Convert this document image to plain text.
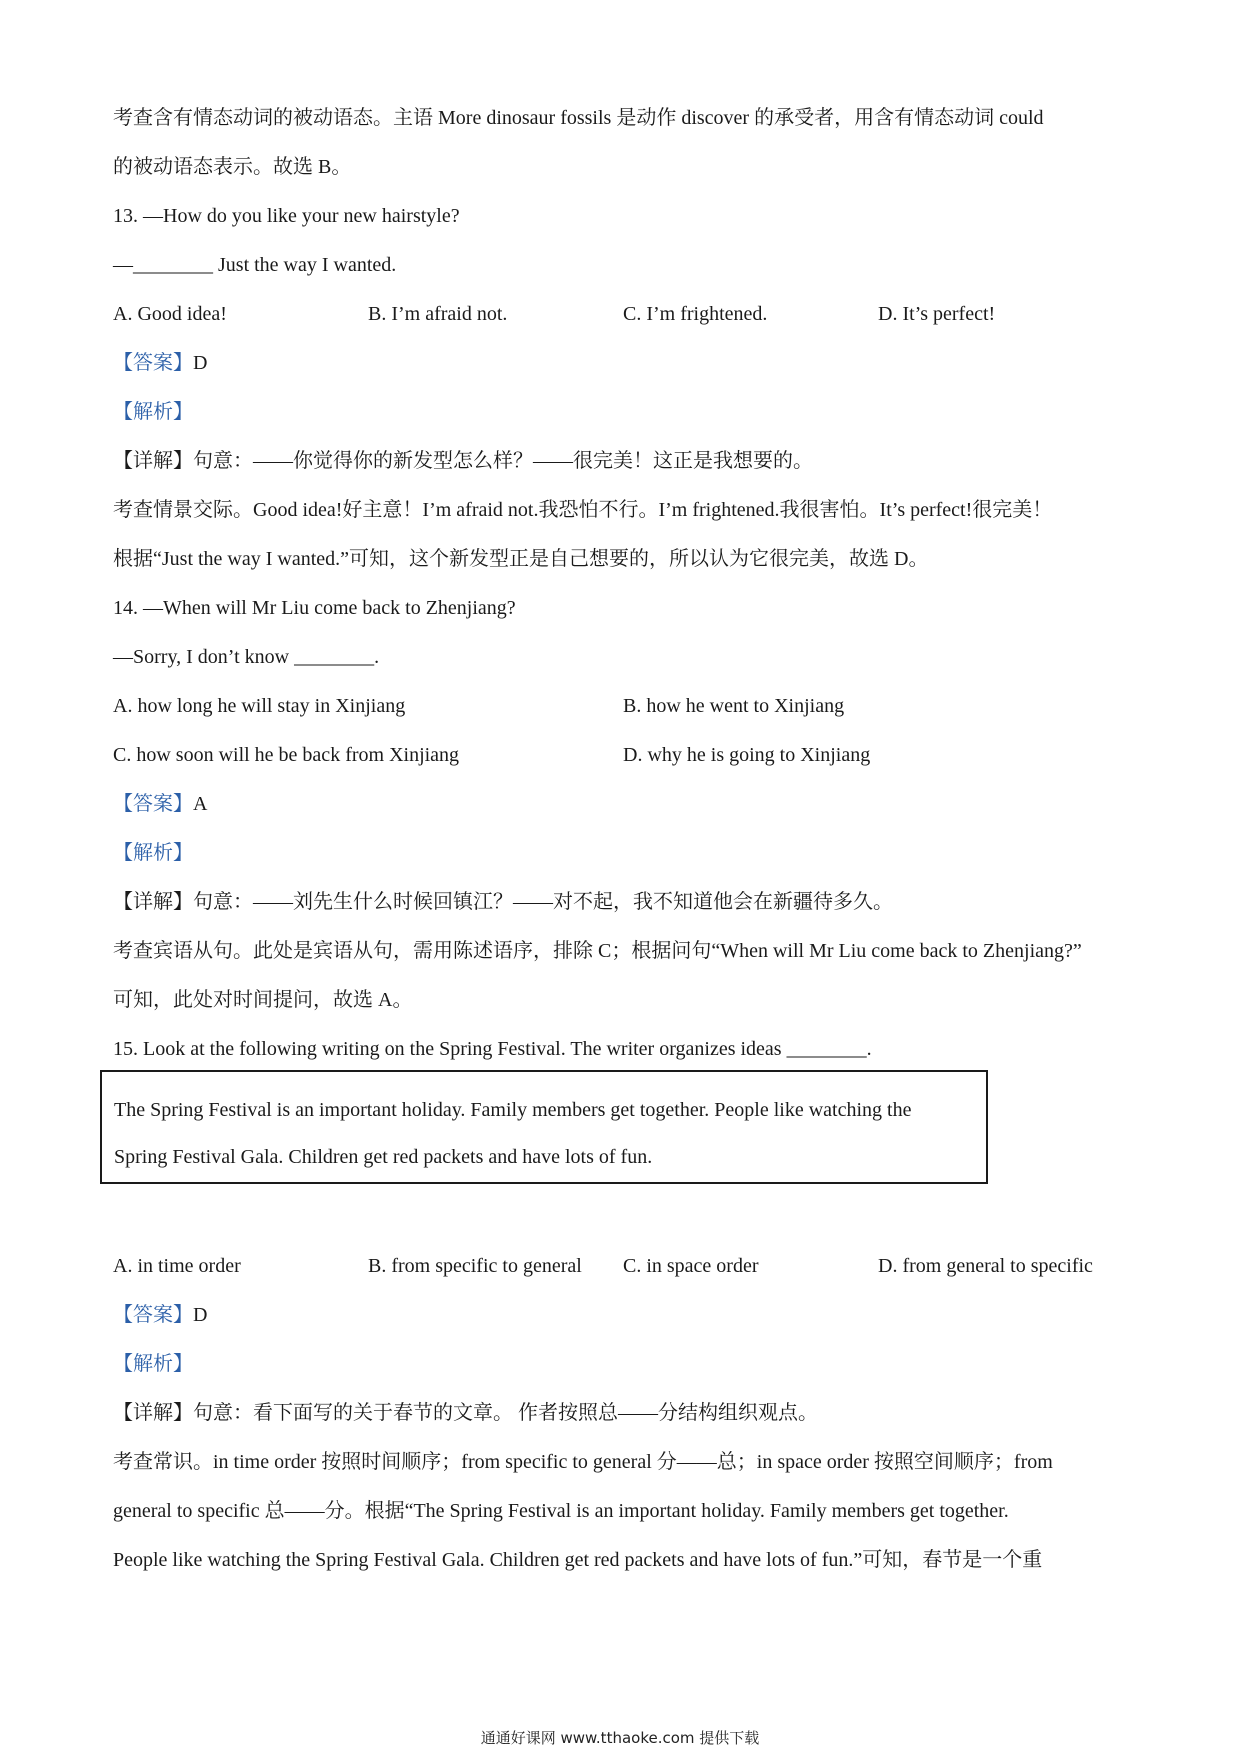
考查含有情态动词的被动语态。主语 More dinosaur fossils 是动作 discover 的承受者，用含有情态动词 could
的被动语态表示。故选 B。
13. —How do you like your new hairstyle?
—________ Just the way I wanted.
A. Good idea!	B. I’m afraid not.	C. I’m frightened.	D. It’s perfect!
【答案】D
【解析】
【详解】句意：——你觉得你的新发型怎么样？——很完美！这正是我想要的。
考查情景交际。Good idea!好主意！I’m afraid not.我恐怕不行。I’m frightened.我很害怕。It’s perfect!很完美！
根据“Just the way I wanted.”可知，这个新发型正是自己想要的，所以认为它很完美，故选 D。
14. —When will Mr Liu come back to Zhenjiang?
—Sorry, I don’t know ________.
A. how long he will stay in Xinjiang	B. how he went to Xinjiang
C. how soon will he be back from Xinjiang	D. why he is going to Xinjiang
【答案】A
【解析】
【详解】句意：——刘先生什么时候回镇江？——对不起，我不知道他会在新疆待多久。
考查宾语从句。此处是宾语从句，需用陈述语序，排除 C；根据问句“When will Mr Liu come back to Zhenjiang?”
可知，此处对时间提问，故选 A。
15. Look at the following writing on the Spring Festival. The writer organizes ideas ________.
The Spring Festival is an important holiday. Family members get together. People like watching the
Spring Festival Gala. Children get red packets and have lots of fun.
A. in time order	B. from specific to general C. in space order	D. from general to specific
【答案】D
【解析】
【详解】句意：看下面写的关于春节的文章。 作者按照总——分结构组织观点。
考查常识。in time order 按照时间顺序；from specific to general 分——总；in space order 按照空间顺序；from
general to specific 总——分。根据“The Spring Festival is an important holiday. Family members get together.
People like watching the Spring Festival Gala. Children get red packets and have lots of fun.”可知，春节是一个重
通通好课网 www.tthaoke.com 提供下载
